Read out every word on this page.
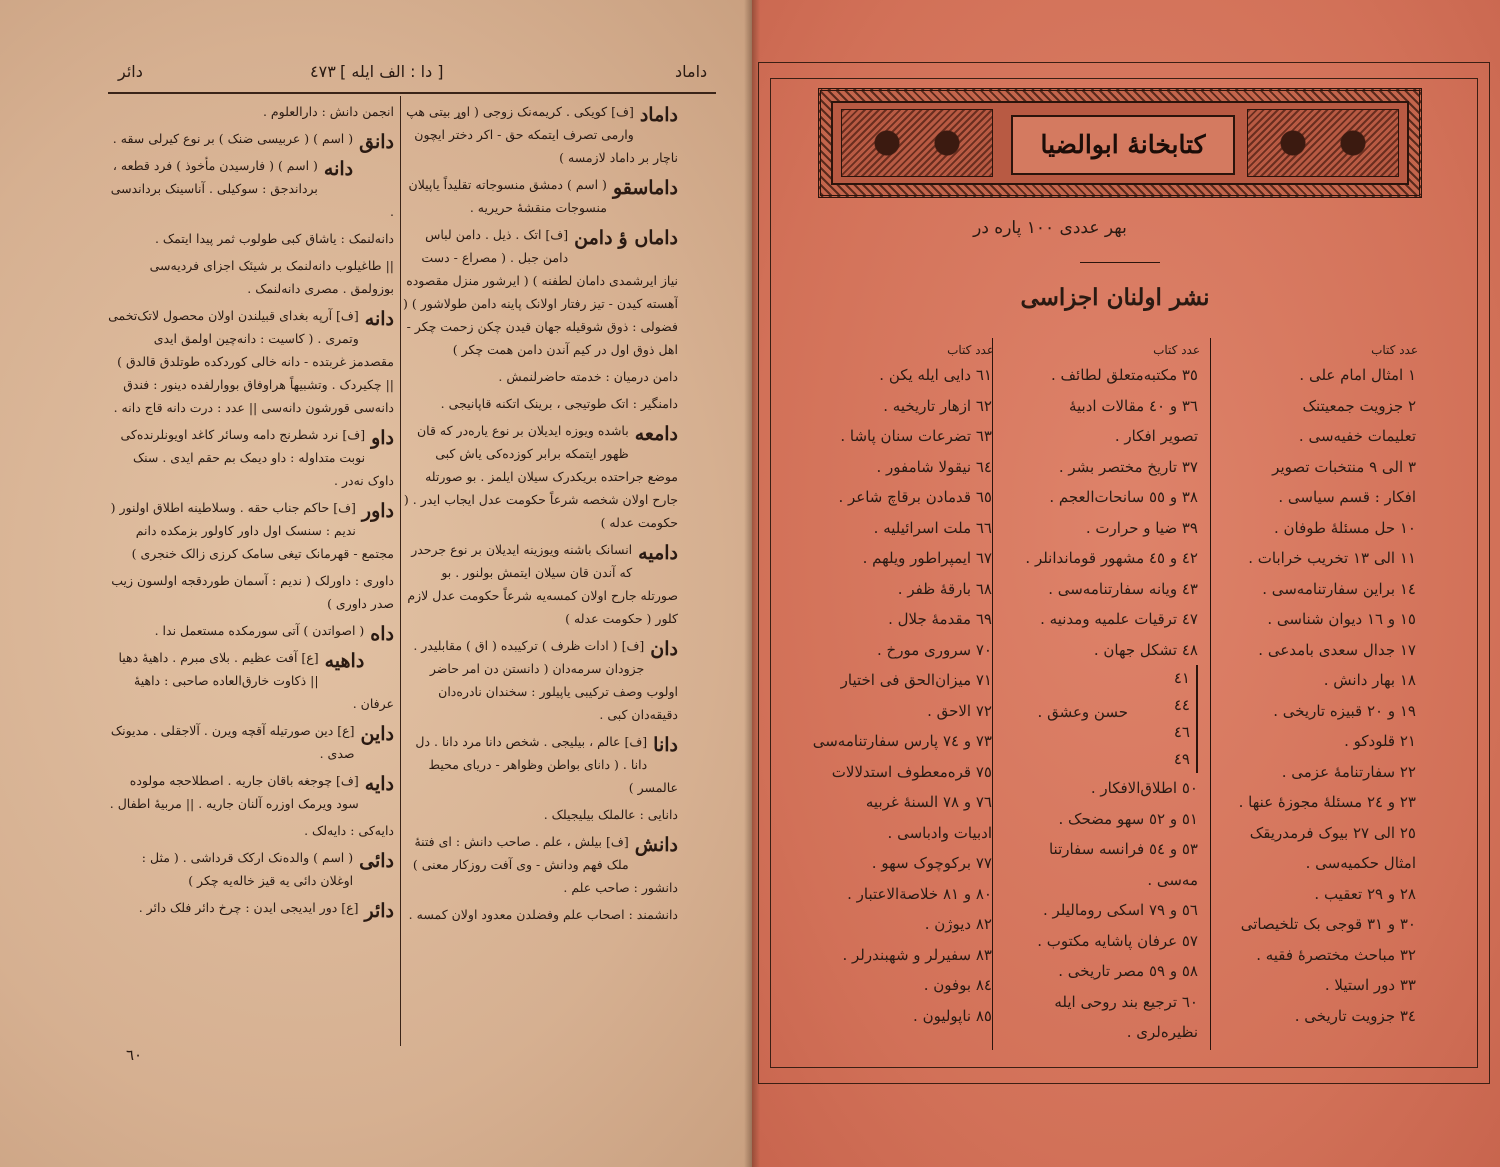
داماد
[ دا : الف ایله ]
٤٧٣
دائر
داماد
[ف] کویکی . کریمه‌نک زوجی ( اوړ بیتی هپ وارمی تصرف ایتمکه حق - اکر دختر ایچون ناچار بر داماد لازمسه )
داماسقو
( اسم ) دمشق منسوجاته تقلیداً یاپیلان منسوجات منقشهٔ حریریه .
داماں ؤ
دامن
[ف] اتک . ذیل . دامن لباس‌ دامن جبل . ( مصراع - دست نیاز ایرشمدی دامان لطفنه ) ( ایرشور منزل مقصوده آهسته کیدن - تیز رفتار اولانک پاینه دامن طولاشور ) ( فضولی : ذوق شوقیله جهان قیدن چکن زحمت چکر - اهل ذوق اول در کیم آندن دامن همت چکر )
دامن درمیان : خدمته حاضرلنمش .
دامنگیر : اتک طوتیجی ، برینک اتکنه قاپانیجی .
دامعه
باشده ویوزه ایدیلان بر نوع یاره‌در که قان ظهور ایتمکه برابر کوزده‌کی یاش کبی موضع جراحتده بریکدرک سیلان ایلمز . بو صورتله جارح اولان شخصه شرعاً حکومت عدل ایجاب ایدر . ( حکومت عدله )
دامیه
انسانک باشنه ویوزینه ایدیلان بر نوع جرحدر که آندن قان سیلان ایتمش بولنور . بو صورتله جارح اولان کمسه‌یه شرعاً حکومت عدل لازم کلور ( حکومت عدله )
دان
[ف] ( ادات ظرف ) ترکیبده ( اق ) مقابلیدر . جزودان‌ سرمه‌دان ( دانستن دن امر حاضر اولوب وصف ترکیبی یاپیلور : سخندان‌ نادره‌دان‌ دقیقه‌دان کبی .
دانا
[ف] عالم ، بیلیجی . شخص دانا‌ مرد دانا . دل دانا . ( دانای بواطن وظواهر - دریای محیط عالمسر )
دانایی : عالملک بیلیجیلک .
دانش
[ف] بیلش ، علم . صاحب دانش : ای فتنهٔ ملک فهم ودانش - وی آفت روزکار معنی ) دانشور : صاحب علم .
دانشمند : اصحاب علم وفضلدن معدود اولان کمسه .
انجمن دانش : دارالعلوم .
دانق
( اسم ) ( عربیسی ضنک ) بر نوع کیرلی سقه .
دانه
( اسم ) ( فارسیدن مأخوذ ) فرد قطعه‌ ، برداندجق : سوکیلی . آناسینک برداندسی .
دانه‌لنمک : یاشاق کبی طولوب ثمر پیدا ایتمک .
|| طاغیلوب دانه‌لنمک بر شیئک اجزای فردیه‌سی بوزولمق . مصری دانه‌لنمک .
دانه
[ف] آرپه‌ بغدای قبیلندن اولان محصول لاتک‌تخمی وتمری . ( کاسیت : دانه‌چین اولمق ایدی مقصدمز غربتده - دانه خالی کوردکده طوتلدق قالدق ) || چکیردک . وتشبیهاً هراوفاق بووارلفده دینور : فندق دانه‌سی‌ قورشون دانه‌سی || عدد : درت دانه‌ قاج دانه .
داو
[ف] نرد‌ شطرنج‌ دامه وسائر کاغد اویونلرنده‌کی نوبت متداوله : داو دیمک بم حقم ایدی . سنک داوک نه‌در .
داور
[ف] حاکم‌ جناب حقه . وسلاطینه اطلاق اولنور ( ندیم : سنسک اول داور کاولور بزمکده دانم مجتمع - قهرمانک تیغی سامک کرزی‌ زالک خنجری )
داوری : داورلک ( ندیم : آسمان طوردقجه اولسون زیب صدر داوری )
داه
( اصواتدن ) آتی سورمکده مستعمل ندا .
داهیه
[ع] آفت عظیم . بلای مبرم . داهیهٔ دهیا || ذکاوت خارق‌العاده صاحبی : داهیهٔ عرفان .
داین
[ع] دین صورتیله آقچه ویرن . آلاجقلی . مدیونک صدی .
دایه
[ف] چوجغه باقان جاریه . اصطلاحجه مولوده سود ویرمک اوزره آلنان جاریه . || مربیهٔ اطفال .
دایه‌کی : دایه‌لک .
دائی
( اسم ) والده‌نک ارکک قرداشی . ( مثل : اوغلان دائی یه قیز خاله‌یه چکر )
دائر
[ع] دور ایدیجی‌ ایدن : چرخ دائر‌ فلک دائر .
٦٠
کتابخانهٔ ابوالضیا
بهر عددی ١٠٠ پاره در
نشر اولنان اجزاسی
عدد کتاب
١ امثال امام علی .
٢ جزویت جمعیتنک
تعلیمات خفیه‌سی .
٣ الی ٩ منتخبات تصویر
افکار : قسم سیاسی .
١٠ حل مسئلهٔ طوفان .
١١ الی ١٣ تخریب خرابات .
١٤ براین سفارتنامه‌سی .
١٥ و ١٦ دیوان شناسی .
١٧ جدال سعدی بامدعی .
١٨ بهار دانش .
١٩ و ٢٠ قبیزه تاریخی .
٢١ قلودکو .
٢٢ سفارتنامهٔ عزمی .
٢٣ و ٢٤ مسئلهٔ مجوزهٔ عنها .
٢٥ الی ٢٧ بیوک فرمدریقک
امثال حکمیه‌سی .
٢٨ و ٢٩ تعقیب .
٣٠ و ٣١ قوجی بک تلخیصاتی
٣٢ مباحث مختصرهٔ فقیه .
٣٣ دور استیلا .
٣٤ جزویت تاریخی .
عدد کتاب
٣٥ مکتبه‌متعلق لطائف .
٣٦ و ٤٠ مقالات ادبیهٔ
تصویر افکار .
٣٧ تاریخ مختصر بشر .
٣٨ و ٥٥ سانحات‌العجم .
٣٩ ضیا و حرارت .
٤٢ و ٤٥ مشهور قوماندانلر .
٤٣ ویانه سفارتنامه‌سی .
٤٧ ترقیات علمیه ومدنیه .
٤٨ تشکل جهان .
٤١
٤٤
٤٦
٤٩
حسن وعشق .
٥٠ اطلاق‌الافکار .
٥١ و ٥٢ سهو مضحک .
٥٣ و ٥٤ فرانسه سفارتنا
مه‌سی .
٥٦ و ٧٩ اسکی رومالیلر .
٥٧ عرفان پاشایه مکتوب .
٥٨ و ٥٩ مصر تاریخی .
٦٠ ترجیع بند روحی ایله
نظیره‌لری .
عدد کتاب
٦١ دایی ایله یکن .
٦٢ ازهار تاریخیه .
٦٣ تضرعات سنان پاشا .
٦٤ نیقولا شامفور .
٦٥ قدمادن برقاچ شاعر .
٦٦ ملت اسرائیلیه .
٦٧ ایمپراطور ویلهم .
٦٨ بارقهٔ ظفر .
٦٩ مقدمهٔ جلال .
٧٠ سروری مورخ .
٧١ میزان‌الحق فی اختیار
٧٢ الاحق .
٧٣ و ٧٤ پارس سفارتنامه‌سی
٧٥ قره‌معطوف استدلالات
٧٦ و ٧٨ السنهٔ غربیه
ادبیات وادباسی .
٧٧ برکوچوک سهو .
٨٠ و ٨١ خلاصة‌الاعتبار .
٨٢ دیوژن .
٨٣ سفیرلر و شهبندرلر .
٨٤ بوفون .
٨٥ ناپولیون .
